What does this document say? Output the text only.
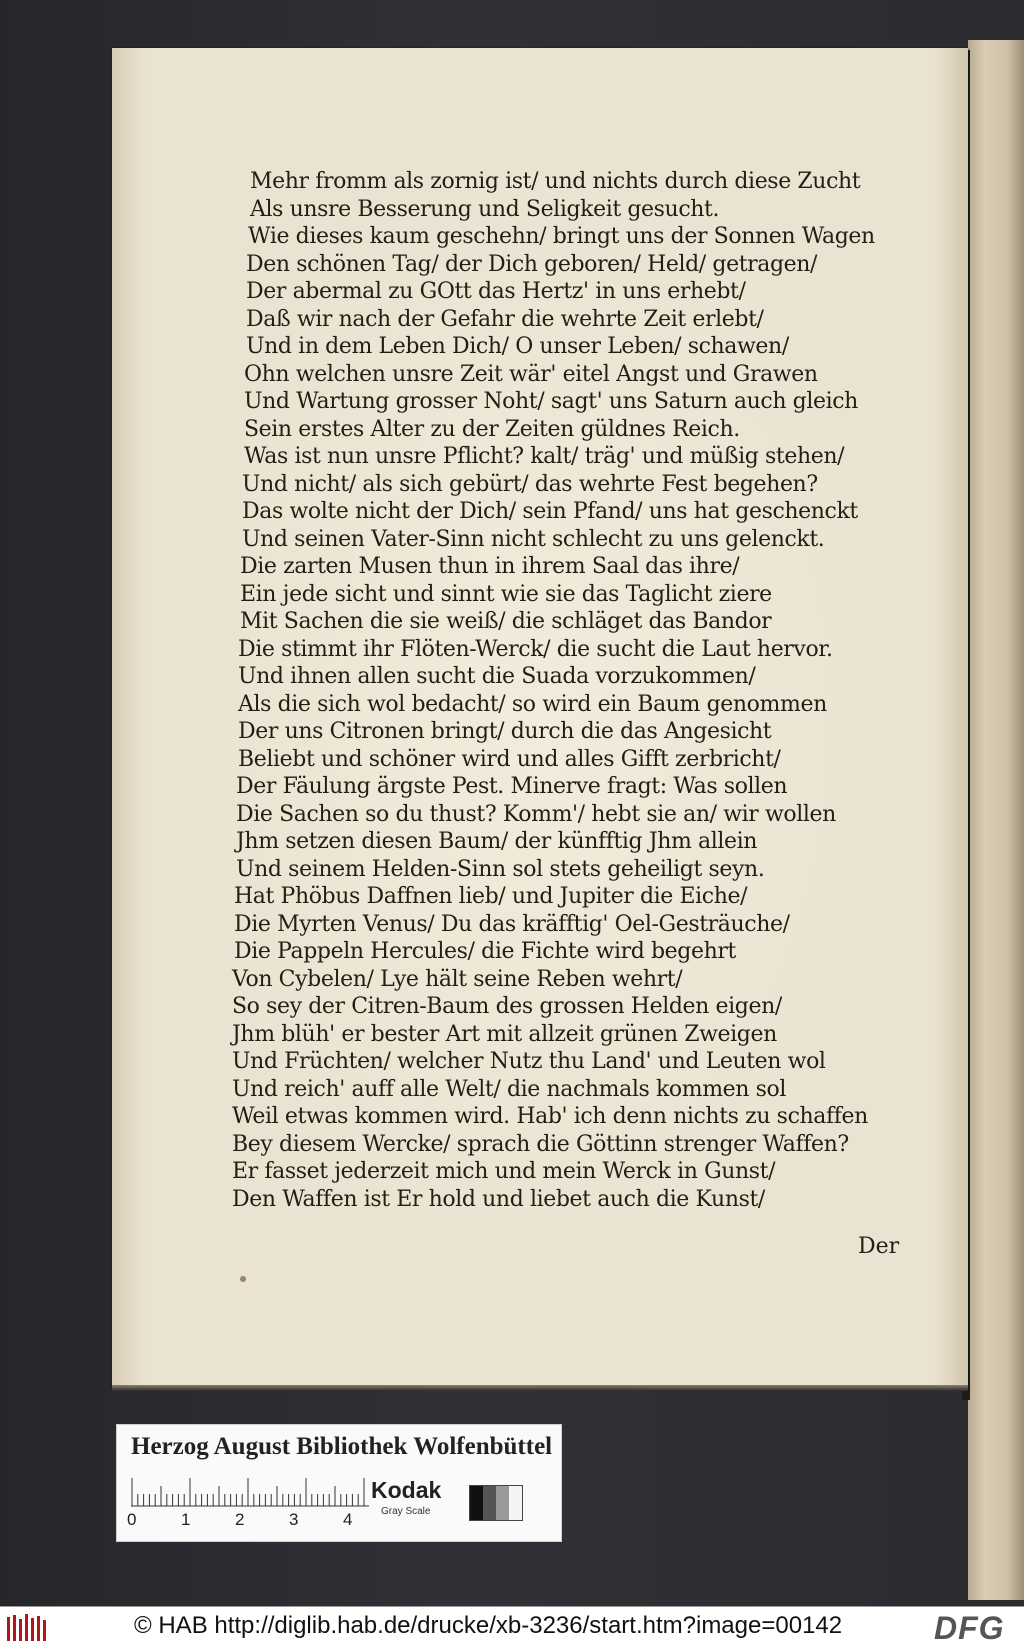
Mehr fromm als zornig ist/ und nichts durch diese Zucht
Als unsre Besserung und Seligkeit gesucht.
Wie dieses kaum geschehn/ bringt uns der Sonnen Wagen
Den schönen Tag/ der Dich geboren/ Held/ getragen/
Der abermal zu GOtt das Hertz' in uns erhebt/
Daß wir nach der Gefahr die wehrte Zeit erlebt/
Und in dem Leben Dich/ O unser Leben/ schawen/
Ohn welchen unsre Zeit wär' eitel Angst und Grawen
Und Wartung grosser Noht/ sagt' uns Saturn auch gleich
Sein erstes Alter zu der Zeiten güldnes Reich.
Was ist nun unsre Pflicht? kalt/ träg' und müßig stehen/
Und nicht/ als sich gebürt/ das wehrte Fest begehen?
Das wolte nicht der Dich/ sein Pfand/ uns hat geschenckt
Und seinen Vater-Sinn nicht schlecht zu uns gelenckt.
Die zarten Musen thun in ihrem Saal das ihre/
Ein jede sicht und sinnt wie sie das Taglicht ziere
Mit Sachen die sie weiß/ die schläget das Bandor
Die stimmt ihr Flöten-Werck/ die sucht die Laut hervor.
Und ihnen allen sucht die Suada vorzukommen/
Als die sich wol bedacht/ so wird ein Baum genommen
Der uns Citronen bringt/ durch die das Angesicht
Beliebt und schöner wird und alles Gifft zerbricht/
Der Fäulung ärgste Pest. Minerve fragt: Was sollen
Die Sachen so du thust? Komm'/ hebt sie an/ wir wollen
Jhm setzen diesen Baum/ der künfftig Jhm allein
Und seinem Helden-Sinn sol stets geheiligt seyn.
Hat Phöbus Daffnen lieb/ und Jupiter die Eiche/
Die Myrten Venus/ Du das kräfftig' Oel-Gesträuche/
Die Pappeln Hercules/ die Fichte wird begehrt
Von Cybelen/ Lye hält seine Reben wehrt/
So sey der Citren-Baum des grossen Helden eigen/
Jhm blüh' er bester Art mit allzeit grünen Zweigen
Und Früchten/ welcher Nutz thu Land' und Leuten wol
Und reich' auff alle Welt/ die nachmals kommen sol
Weil etwas kommen wird. Hab' ich denn nichts zu schaffen
Bey diesem Wercke/ sprach die Göttinn strenger Waffen?
Er fasset jederzeit mich und mein Werck in Gunst/
Den Waffen ist Er hold und liebet auch die Kunst/
Der
Herzog August Bibliothek Wolfenbüttel
0	1	2	3	4
Kodak
Gray Scale
© HAB http://diglib.hab.de/drucke/xb-3236/start.htm?image=00142	DFG
